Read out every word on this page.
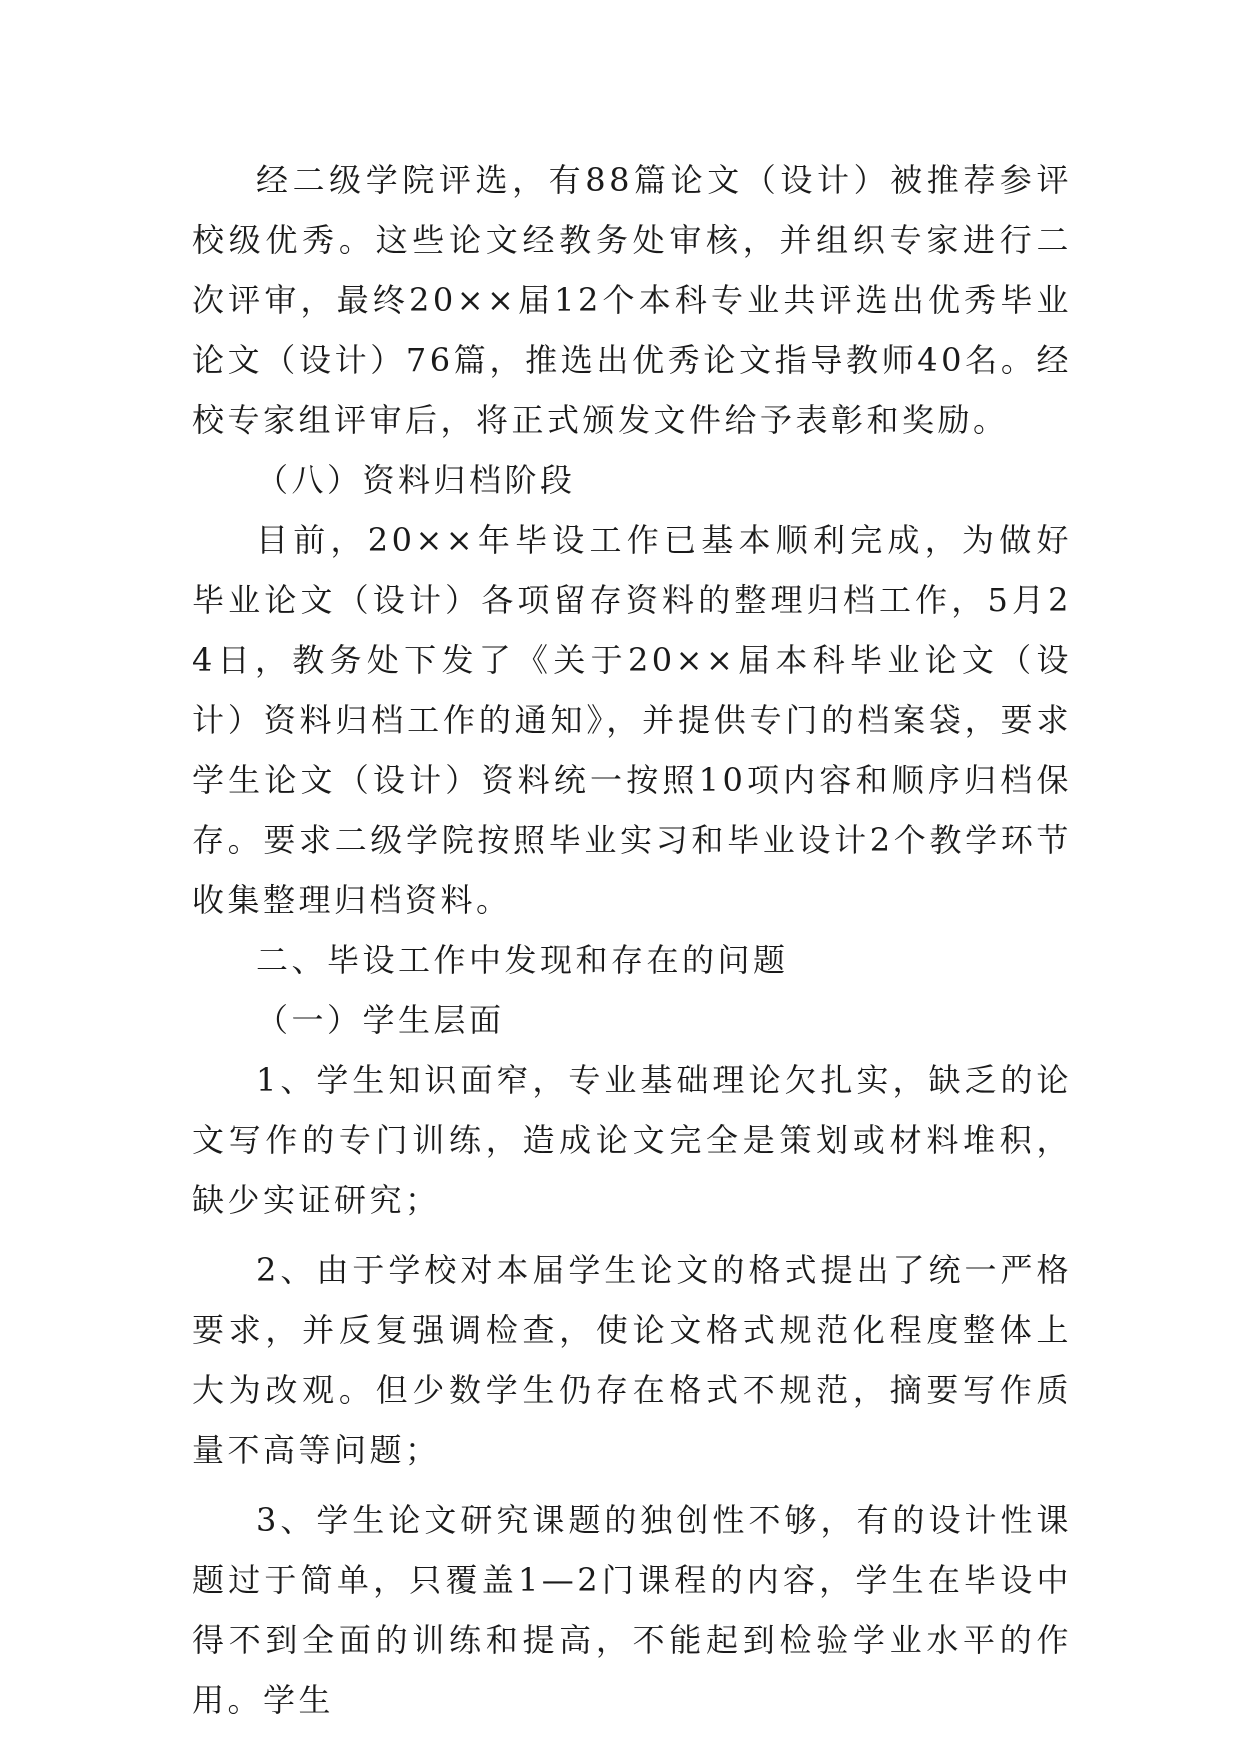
经二级学院评选，有88篇论文（设计）被推荐参评校级优秀。这些论文经教务处审核，并组织专家进行二次评审，最终20××届12个本科专业共评选出优秀毕业论文（设计）76篇，推选出优秀论文指导教师40名。经校专家组评审后，将正式颁发文件给予表彰和奖励。

（八）资料归档阶段

目前，20××年毕设工作已基本顺利完成，为做好毕业论文（设计）各项留存资料的整理归档工作，5月24日，教务处下发了《关于20××届本科毕业论文（设计）资料归档工作的通知》，并提供专门的档案袋，要求学生论文（设计）资料统一按照10项内容和顺序归档保存。要求二级学院按照毕业实习和毕业设计2个教学环节收集整理归档资料。

二、毕设工作中发现和存在的问题

（一）学生层面

1、学生知识面窄，专业基础理论欠扎实，缺乏的论文写作的专门训练，造成论文完全是策划或材料堆积，缺少实证研究；

2、由于学校对本届学生论文的格式提出了统一严格要求，并反复强调检查，使论文格式规范化程度整体上大为改观。但少数学生仍存在格式不规范，摘要写作质量不高等问题；

3、学生论文研究课题的独创性不够，有的设计性课题过于简单，只覆盖1—2门课程的内容，学生在毕设中得不到全面的训练和提高，不能起到检验学业水平的作用。学生
